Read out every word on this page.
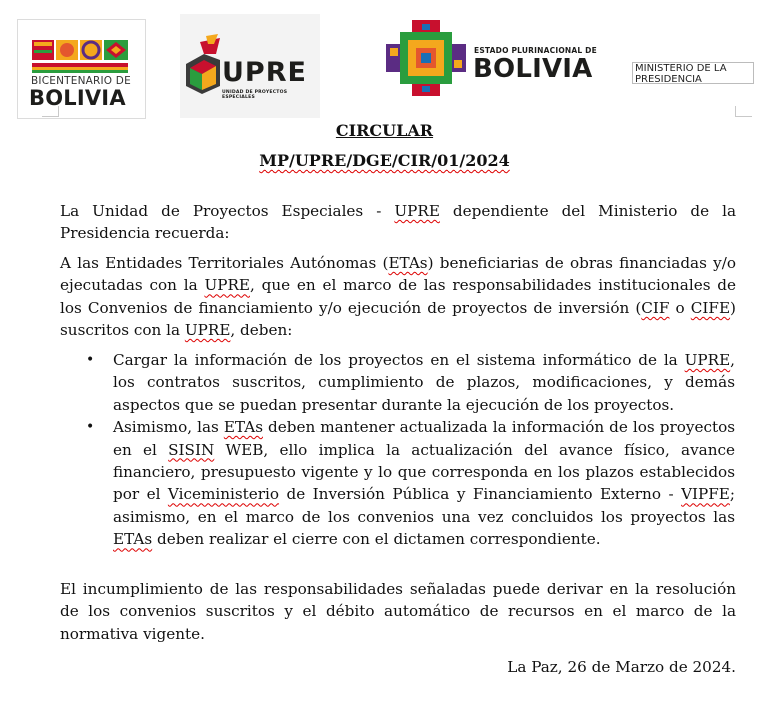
BICENTENARIO DE
BOLIVIA
UPRE
UNIDAD DE PROYECTOS ESPECIALES
ESTADO PLURINACIONAL DE
BOLIVIA	MINISTERIO DE LA PRESIDENCIA
CIRCULAR
MP/UPRE/DGE/CIR/01/2024

La Unidad de Proyectos Especiales - UPRE dependiente del Ministerio de la Presidencia recuerda:

A las Entidades Territoriales Autónomas (ETAs) beneficiarias de obras financiadas y/o ejecutadas con la UPRE, que en el marco de las responsabilidades institucionales de los Convenios de financiamiento y/o ejecución de proyectos de inversión (CIF o CIFE) suscritos con la UPRE, deben:

• Cargar la información de los proyectos en el sistema informático de la UPRE, los contratos suscritos, cumplimiento de plazos, modificaciones, y demás aspectos que se puedan presentar durante la ejecución de los proyectos.
• Asimismo, las ETAs deben mantener actualizada la información de los proyectos en el SISIN WEB, ello implica la actualización del avance físico, avance financiero, presupuesto vigente y lo que corresponda en los plazos establecidos por el Viceministerio de Inversión Pública y Financiamiento Externo - VIPFE; asimismo, en el marco de los convenios una vez concluidos los proyectos las ETAs deben realizar el cierre con el dictamen correspondiente.

El incumplimiento de las responsabilidades señaladas puede derivar en la resolución de los convenios suscritos y el débito automático de recursos en el marco de la normativa vigente.

La Paz, 26 de Marzo de 2024.
